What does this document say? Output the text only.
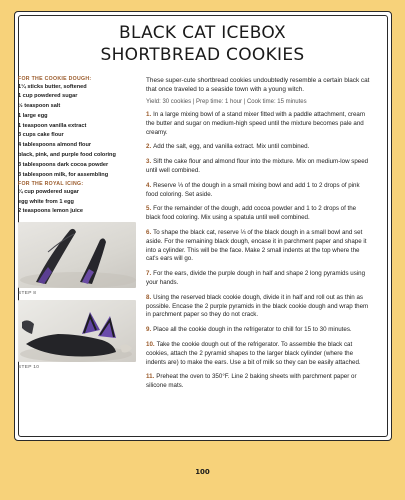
BLACK CAT ICEBOX
SHORTBREAD COOKIES
FOR THE COOKIE DOUGH:
1¼ sticks butter, softened
1 cup powdered sugar
½ teaspoon salt
1 large egg
1 teaspoon vanilla extract
3 cups cake flour
4 tablespoons almond flour
black, pink, and purple food coloring
3 tablespoons dark cocoa powder
3 tablespoon milk, for assembling
FOR THE ROYAL ICING:
¼ cup powdered sugar
egg white from 1 egg
2 teaspoons lemon juice
STEP 8
STEP 10
These super-cute shortbread cookies undoubtedly resemble a certain black cat that once traveled to a seaside town with a young witch.
Yield: 30 cookies | Prep time: 1 hour | Cook time: 15 minutes
1. In a large mixing bowl of a stand mixer fitted with a paddle attachment, cream the butter and sugar on medium-high speed until the mixture becomes pale and creamy.
2. Add the salt, egg, and vanilla extract. Mix until combined.
3. Sift the cake flour and almond flour into the mixture. Mix on medium-low speed until well combined.
4. Reserve ⅓ of the dough in a small mixing bowl and add 1 to 2 drops of pink food coloring. Set aside.
5. For the remainder of the dough, add cocoa powder and 1 to 2 drops of the black food coloring. Mix using a spatula until well combined.
6. To shape the black cat, reserve ⅓ of the black dough in a small bowl and set aside. For the remaining black dough, encase it in parchment paper and shape it into a cylinder. This will be the face. Make 2 small indents at the top where the cat's ears will go.
7. For the ears, divide the purple dough in half and shape 2 long pyramids using your hands.
8. Using the reserved black cookie dough, divide it in half and roll out as thin as possible. Encase the 2 purple pyramids in the black cookie dough and wrap them in parchment paper so they do not crack.
9. Place all the cookie dough in the refrigerator to chill for 15 to 30 minutes.
10. Take the cookie dough out of the refrigerator. To assemble the black cat cookies, attach the 2 pyramid shapes to the larger black cylinder (where the indents are) to make the ears. Use a bit of milk so they can be easily attached.
11. Preheat the oven to 350°F. Line 2 baking sheets with parchment paper or silicone mats.
100
